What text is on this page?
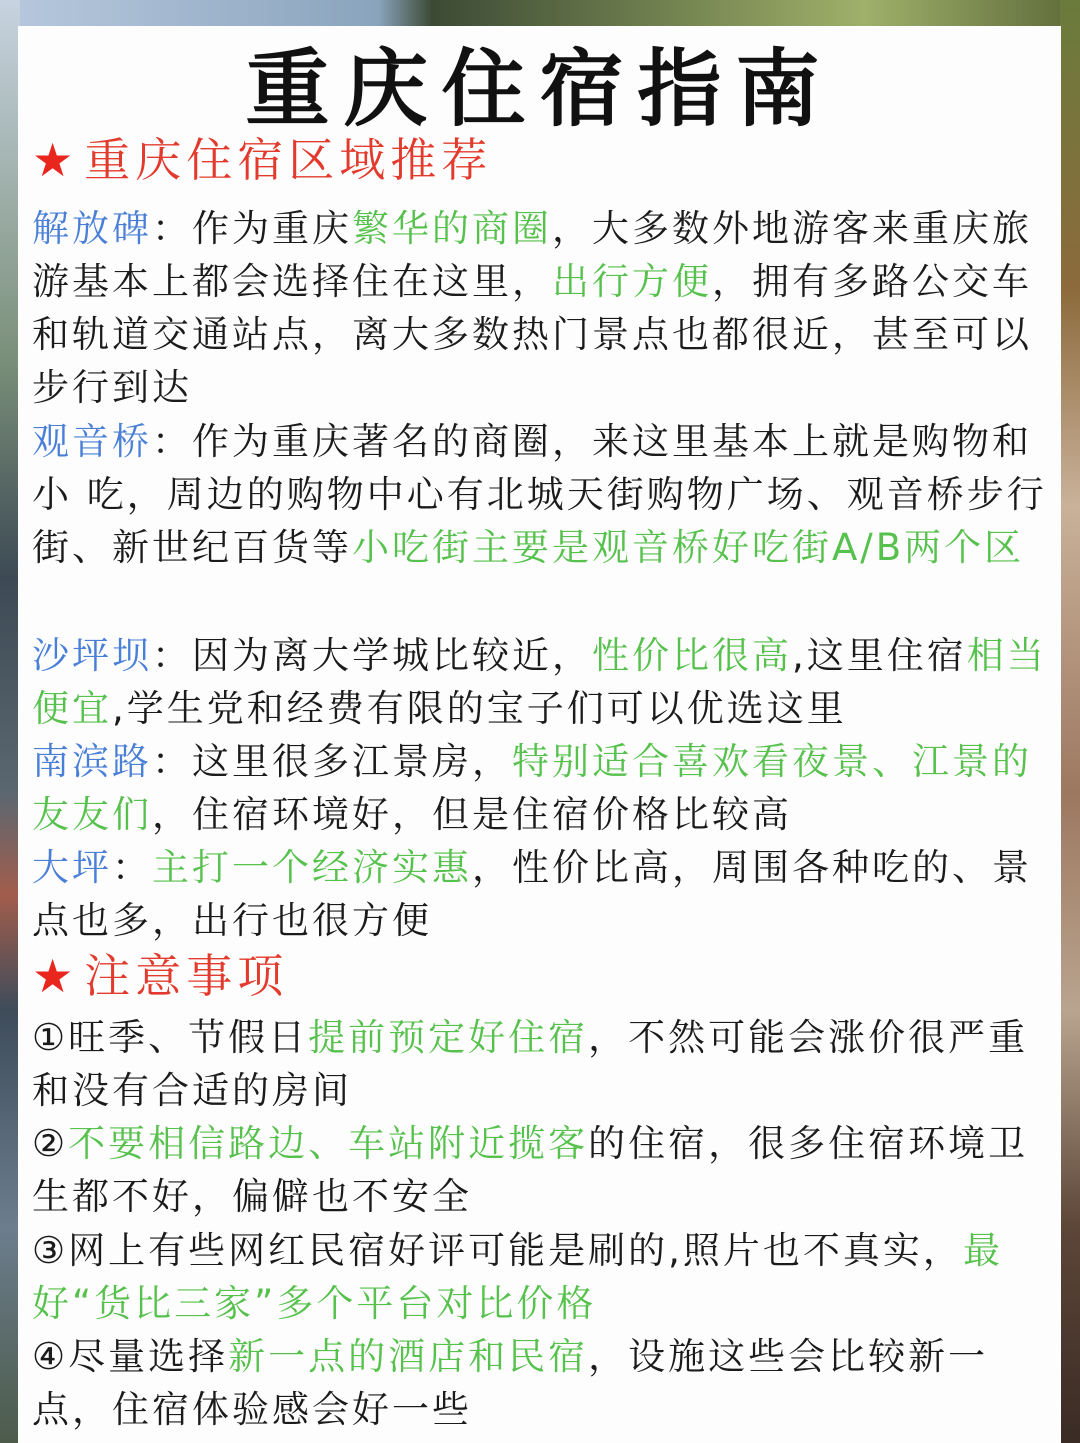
重庆住宿指南
★ 重庆住宿区域推荐
解放碑：作为重庆繁华的商圈，大多数外地游客来重庆旅游基本上都会选择住在这里，出行方便，拥有多路公交车和轨道交通站点，离大多数热门景点也都很近，甚至可以步行到达
观音桥：作为重庆著名的商圈，来这里基本上就是购物和小 吃，周边的购物中心有北城天街购物广场、观音桥步行街、新世纪百货等小吃街主要是观音桥好吃街A/B两个区
沙坪坝：因为离大学城比较近，性价比很高,这里住宿相当便宜,学生党和经费有限的宝子们可以优选这里
南滨路：这里很多江景房，特别适合喜欢看夜景、江景的友友们，住宿环境好，但是住宿价格比较高
大坪：主打一个经济实惠，性价比高，周围各种吃的、景点也多，出行也很方便
★ 注意事项
①旺季、节假日提前预定好住宿，不然可能会涨价很严重和没有合适的房间
②不要相信路边、车站附近揽客的住宿，很多住宿环境卫生都不好，偏僻也不安全
③网上有些网红民宿好评可能是刷的,照片也不真实，最好“货比三家”多个平台对比价格
④尽量选择新一点的酒店和民宿，设施这些会比较新一点，住宿体验感会好一些
